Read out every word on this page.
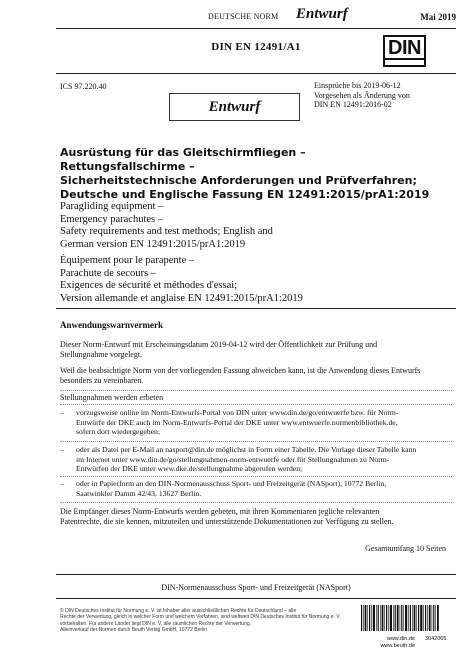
DEUTSCHE NORM Entwurf	Mai 2019
DIN EN 12491/A1	DIN
ICS 97.220.40	Einsprüche bis 2019-06-12
Vorgesehen als Änderung von
DIN EN 12491:2016-02
Entwurf
Ausrüstung für das Gleitschirmfliegen –
Rettungsfallschirme –
Sicherheitstechnische Anforderungen und Prüfverfahren;
Deutsche und Englische Fassung EN 12491:2015/prA1:2019
Paragliding equipment –
Emergency parachutes –
Safety requirements and test methods; English and
German version EN 12491:2015/prA1:2019
Équipement pour le parapente –
Parachute de secours –
Exigences de sécurité et méthodes d'essai;
Version allemande et anglaise EN 12491:2015/prA1:2019
Anwendungswarnvermerk
Dieser Norm-Entwurf mit Erscheinungsdatum 2019-04-12 wird der Öffentlichkeit zur Prüfung und
Stellungnahme vorgelegt.
Weil die beabsichtigte Norm von der vorliegenden Fassung abweichen kann, ist die Anwendung dieses Entwurfs
besonders zu vereinbaren.
Stellungnahmen werden erbeten
– vorzugsweise online im Norm-Entwurfs-Portal von DIN unter www.din.de/go/entwuerfe bzw. für Norm-
Entwürfe der DKE auch im Norm-Entwurfs-Portal der DKE unter www.entwuerfe.normenbibliothek.de,
sofern dort wiedergegeben;
– oder als Datei per E-Mail an nasport@din.de möglichst in Form einer Tabelle. Die Vorlage dieser Tabelle kann
im Internet unter www.din.de/go/stellungnahmen-norm-entwuerfe oder für Stellungnahmen zu Norm-
Entwürfen der DKE unter www.dke.de/stellungnahme abgerufen werden;
– oder in Papierform an den DIN-Normenausschuss Sport- und Freizeitgerät (NASport), 10772 Berlin,
Saatwinkler Damm 42/43, 13627 Berlin.
Die Empfänger dieses Norm-Entwurfs werden gebeten, mit ihren Kommentaren jegliche relevanten
Patentrechte, die sie kennen, mitzuteilen und unterstützende Dokumentationen zur Verfügung zu stellen.
Gesamtumfang 10 Seiten
DIN-Normenausschuss Sport- und Freizeitgerät (NASport)
© DIN Deutsches Institut für Normung e. V. ist Inhaber aller ausschließlichen Rechte für Deutschland – alle
Rechte der Verwertung, gleich in welcher Form und welchem Verfahren, sind weltweit DIN Deutsches Institut für Normung e. V.
vorbehalten. Für andere Länder liegt DIN e. V. alle räumlichen Rechte der Verwertung.
Alleinverkauf der Normen durch Beuth Verlag GmbH, 10772 Berlin
www.din.de
www.beuth.de
3042065
